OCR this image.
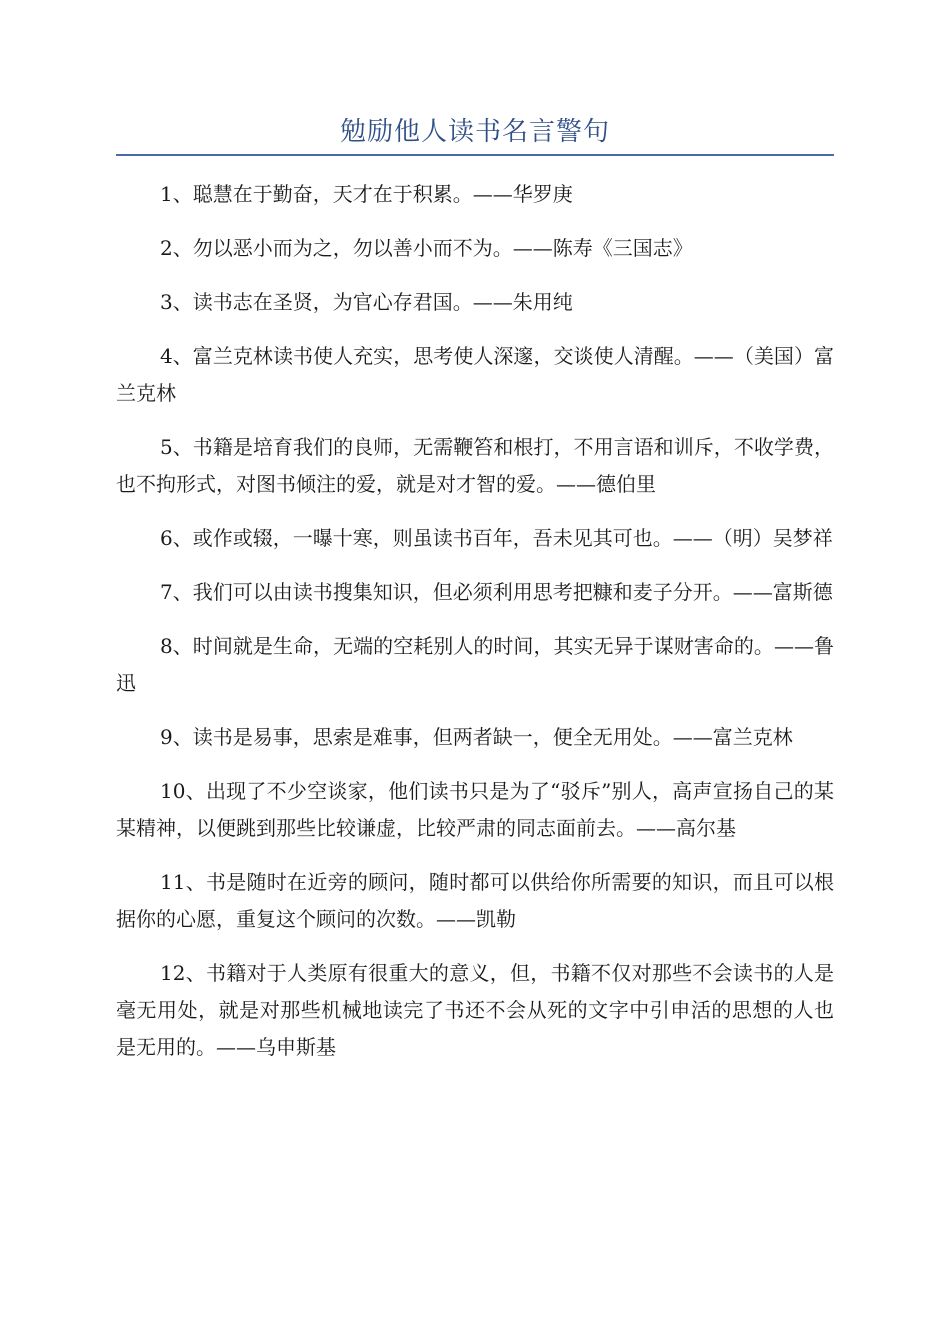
勉励他人读书名言警句

1、聪慧在于勤奋，天才在于积累。——华罗庚

2、勿以恶小而为之，勿以善小而不为。——陈寿《三国志》

3、读书志在圣贤，为官心存君国。——朱用纯

4、富兰克林读书使人充实，思考使人深邃，交谈使人清醒。——（美国）富兰克林

5、书籍是培育我们的良师，无需鞭笞和根打，不用言语和训斥，不收学费，也不拘形式，对图书倾注的爱，就是对才智的爱。——德伯里

6、或作或辍，一曝十寒，则虽读书百年，吾未见其可也。——（明）吴梦祥

7、我们可以由读书搜集知识，但必须利用思考把糠和麦子分开。——富斯德

8、时间就是生命，无端的空耗别人的时间，其实无异于谋财害命的。——鲁迅

9、读书是易事，思索是难事，但两者缺一，便全无用处。——富兰克林

10、出现了不少空谈家，他们读书只是为了“驳斥”别人，高声宣扬自己的某某精神，以便跳到那些比较谦虚，比较严肃的同志面前去。——高尔基

11、书是随时在近旁的顾问，随时都可以供给你所需要的知识，而且可以根据你的心愿，重复这个顾问的次数。——凯勒

12、书籍对于人类原有很重大的意义，但，书籍不仅对那些不会读书的人是毫无用处，就是对那些机械地读完了书还不会从死的文字中引申活的思想的人也是无用的。——乌申斯基
